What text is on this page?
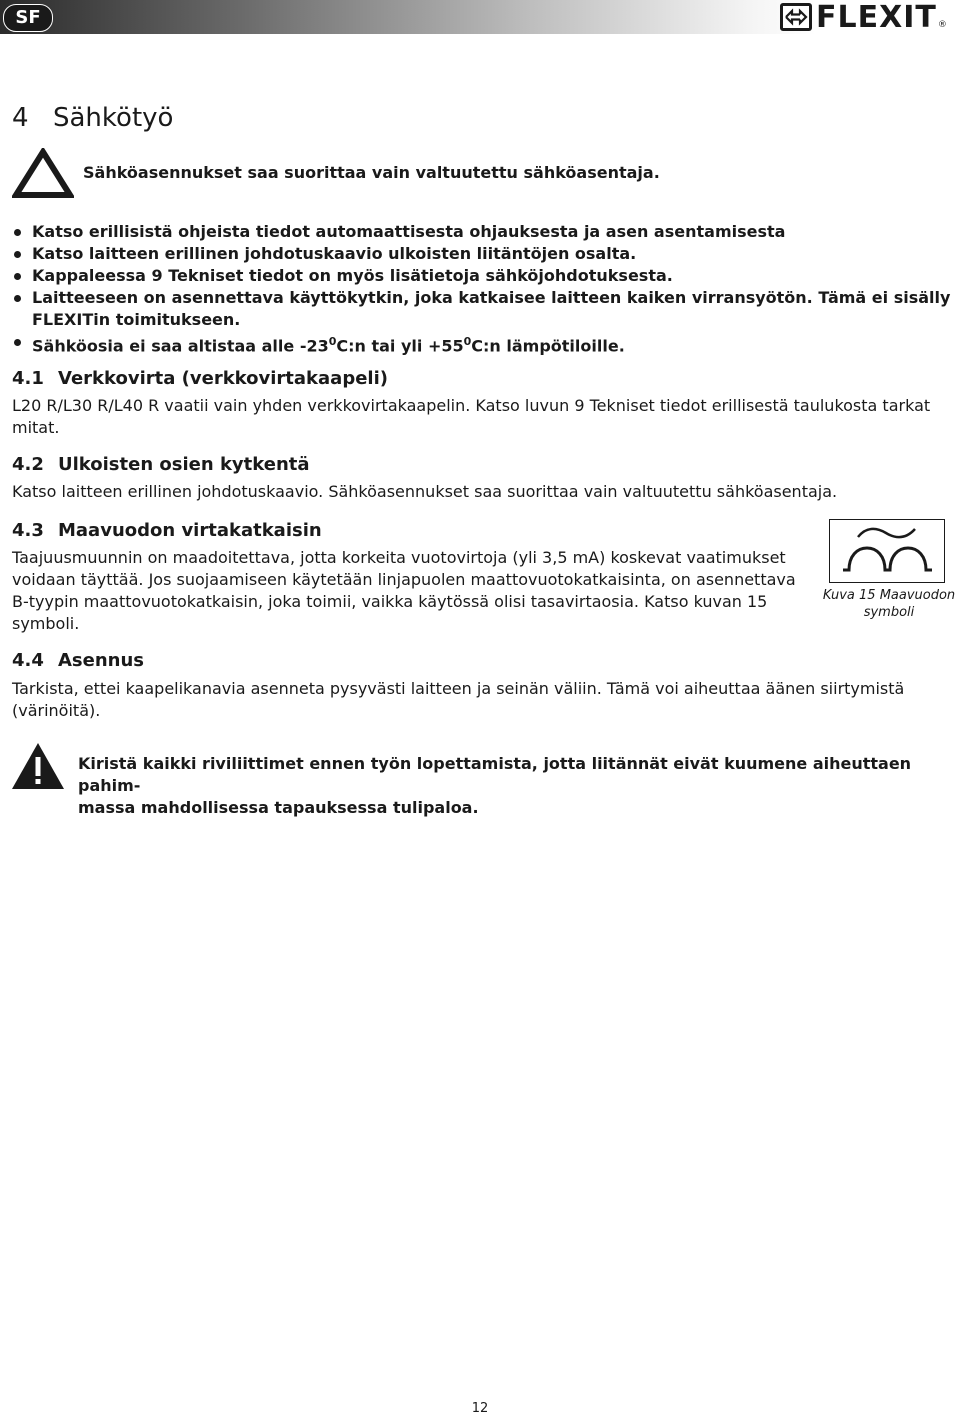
SF	FLEXIT ®
4 Sähkötyö
Sähköasennukset saa suorittaa vain valtuutettu sähköasentaja.
Katso erillisistä ohjeista tiedot automaattisesta ohjauksesta ja asen asentamisesta
Katso laitteen erillinen johdotuskaavio ulkoisten liitäntöjen osalta.
Kappaleessa 9 Tekniset tiedot on myös lisätietoja sähköjohdotuksesta.
Laitteeseen on asennettava käyttökytkin, joka katkaisee laitteen kaiken virransyötön. Tämä ei sisälly FLEXITin toimitukseen.
Sähköosia ei saa altistaa alle $-23^0C:n$ tai yli $+55^0C:n$ lämpötiloille.
4.1 Verkkovirta (verkkovirtakaapeli)
L20 R/L30 R/L40 R vaatii vain yhden verkkovirtakaapelin. Katso luvun 9 Tekniset tiedot erillisestä taulukosta tarkat mitat.
4.2 Ulkoisten osien kytkentä
Katso laitteen erillinen johdotuskaavio. Sähköasennukset saa suorittaa vain valtuutettu sähköasentaja.
4.3 Maavuodon virtakatkaisin
Taajuusmuunnin on maadoitettava, jotta korkeita vuotovirtoja (yli 3,5 mA) koskevat vaatimukset voidaan täyttää. Jos suojaamiseen käytetään linjapuolen maattovuotokatkaisinta, on asennettava B-tyypin maattovuotokatkaisin, joka toimii, vaikka käytössä olisi tasavirtaosia. Katso kuvan 15 symboli.
Kuva 15 Maavuodon
symboli
4.4 Asennus
Tarkista, ettei kaapelikanavia asenneta pysyvästi laitteen ja seinän väliin. Tämä voi aiheuttaa äänen siirtymistä (värinöitä).
Kiristä kaikki riviliittimet ennen työn lopettamista, jotta liitännät eivät kuumene aiheuttaen pahim-
massa mahdollisessa tapauksessa tulipaloa.
12
